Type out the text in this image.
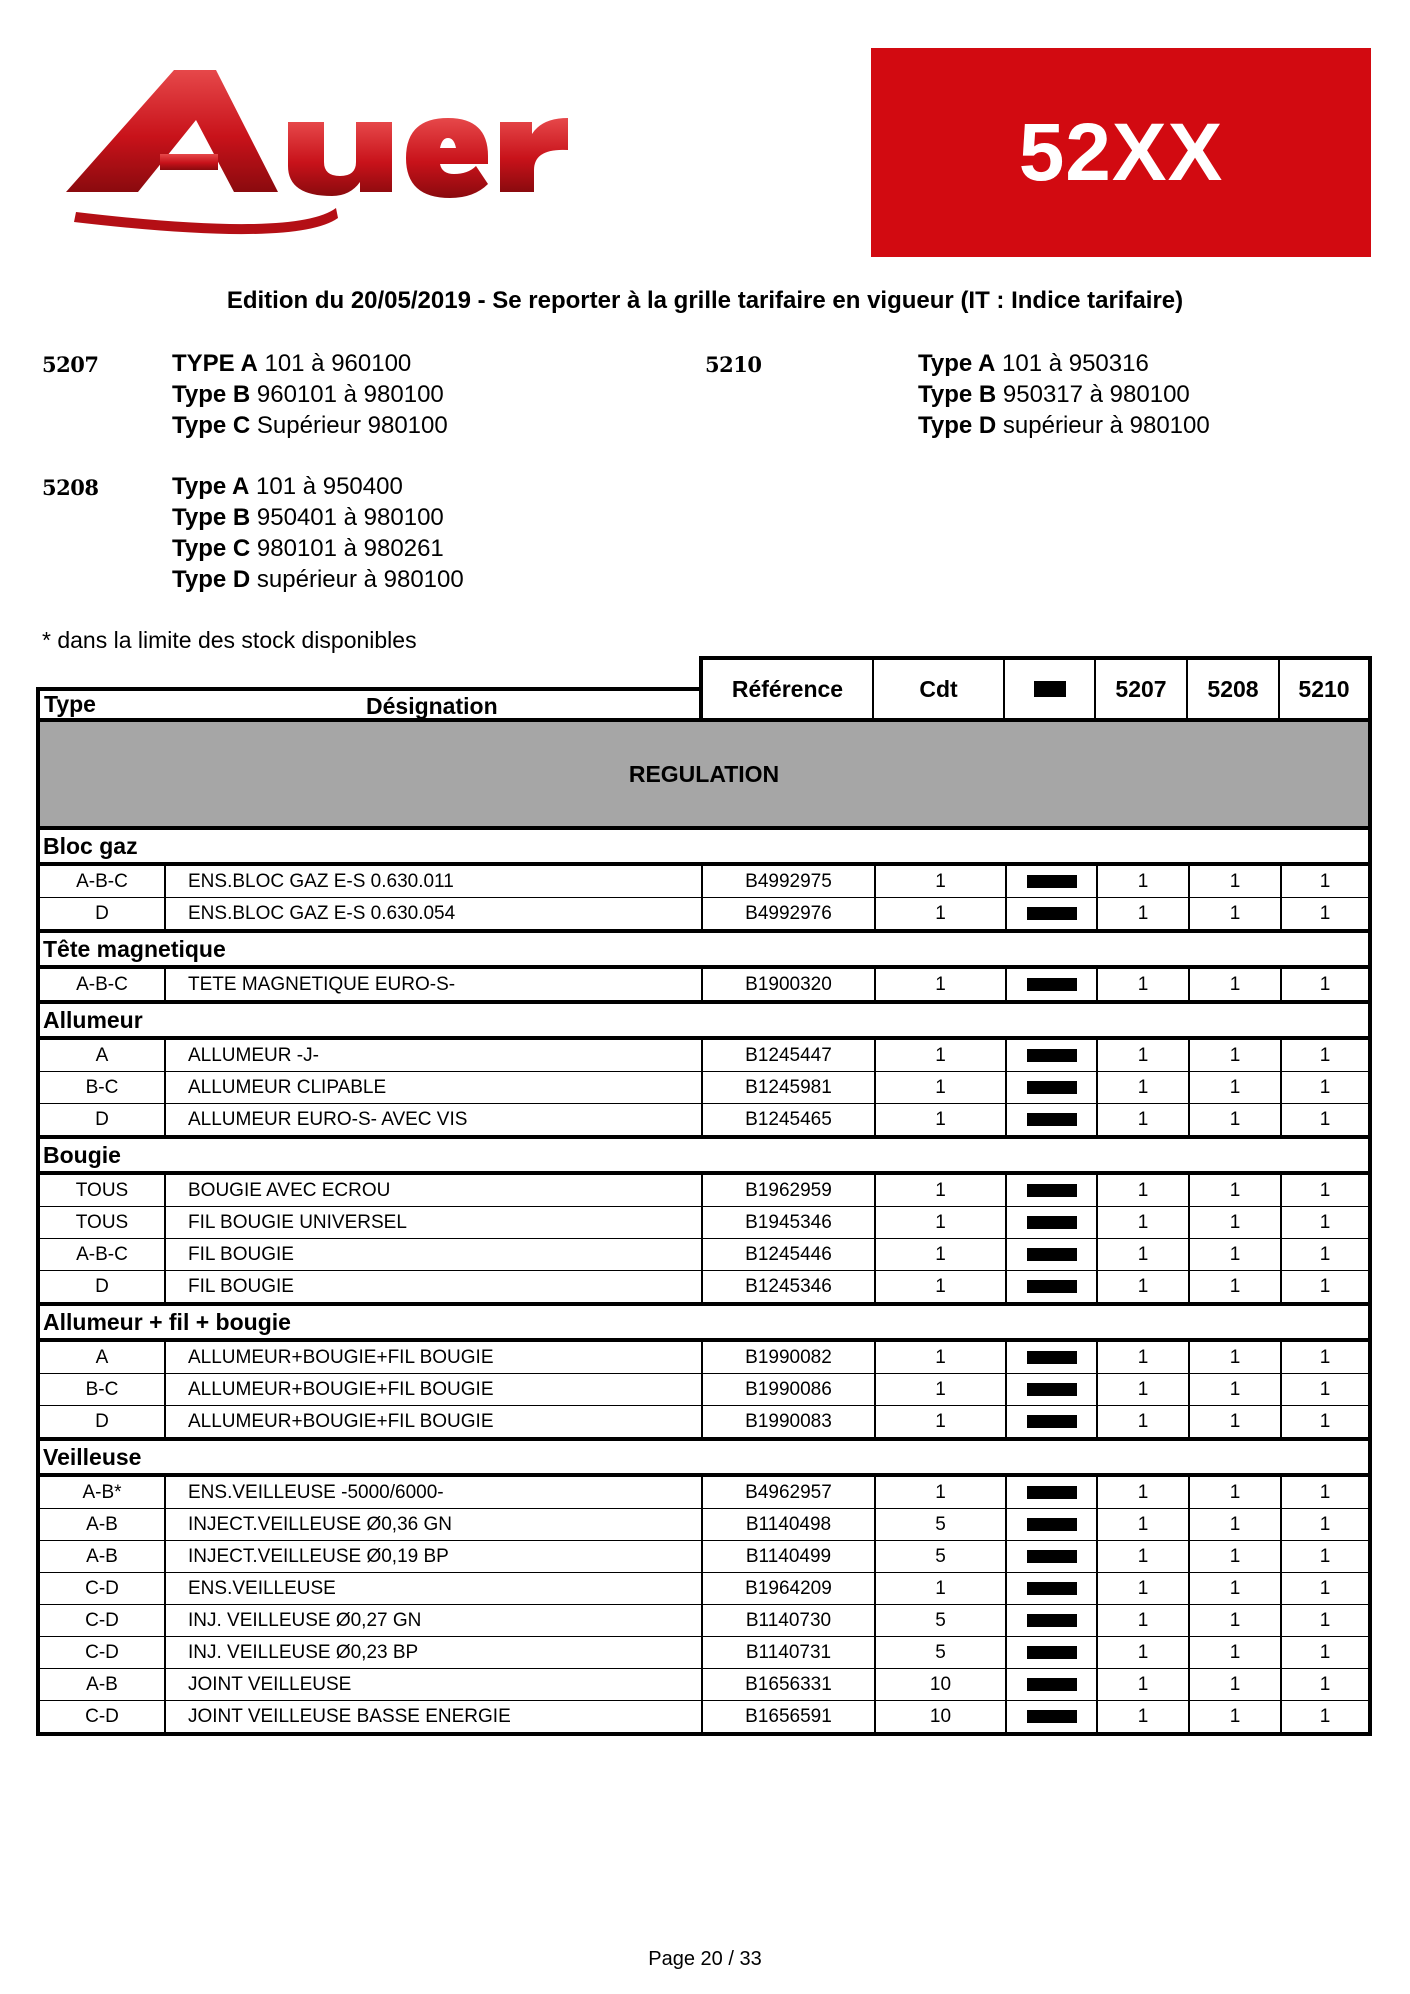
52XX
Edition du 20/05/2019 - Se reporter à la grille tarifaire en vigueur (IT : Indice tarifaire)
5207	TYPE A 101 à 960100
Type B 960101 à 980100
Type C Supérieur 980100
5210	Type A 101 à 950316
Type B 950317 à 980100
Type D supérieur à 980100
5208	Type A 101 à 950400
Type B 950401 à 980100
Type C 980101 à 980261
Type D supérieur à 980100
* dans la limite des stock disponibles
Type	Désignation
Référence	Cdt	5207	5208	5210
REGULATION
Bloc gaz
A-B-C	ENS.BLOC GAZ E-S 0.630.011	B4992975	1	1	1	1
D	ENS.BLOC GAZ E-S 0.630.054	B4992976	1	1	1	1
Tête magnetique
A-B-C	TETE MAGNETIQUE EURO-S-	B1900320	1	1	1	1
Allumeur
A	ALLUMEUR -J-	B1245447	1	1	1	1
B-C	ALLUMEUR CLIPABLE	B1245981	1	1	1	1
D	ALLUMEUR EURO-S- AVEC VIS	B1245465	1	1	1	1
Bougie
TOUS	BOUGIE AVEC ECROU	B1962959	1	1	1	1
TOUS	FIL BOUGIE UNIVERSEL	B1945346	1	1	1	1
A-B-C	FIL BOUGIE	B1245446	1	1	1	1
D	FIL BOUGIE	B1245346	1	1	1	1
Allumeur + fil + bougie
A	ALLUMEUR+BOUGIE+FIL BOUGIE	B1990082	1	1	1	1
B-C	ALLUMEUR+BOUGIE+FIL BOUGIE	B1990086	1	1	1	1
D	ALLUMEUR+BOUGIE+FIL BOUGIE	B1990083	1	1	1	1
Veilleuse
A-B*	ENS.VEILLEUSE -5000/6000-	B4962957	1	1	1	1
A-B	INJECT.VEILLEUSE Ø0,36 GN	B1140498	5	1	1	1
A-B	INJECT.VEILLEUSE Ø0,19 BP	B1140499	5	1	1	1
C-D	ENS.VEILLEUSE	B1964209	1	1	1	1
C-D	INJ. VEILLEUSE Ø0,27 GN	B1140730	5	1	1	1
C-D	INJ. VEILLEUSE Ø0,23 BP	B1140731	5	1	1	1
A-B	JOINT VEILLEUSE	B1656331	10	1	1	1
C-D	JOINT VEILLEUSE BASSE ENERGIE	B1656591	10	1	1	1
Page 20 / 33
